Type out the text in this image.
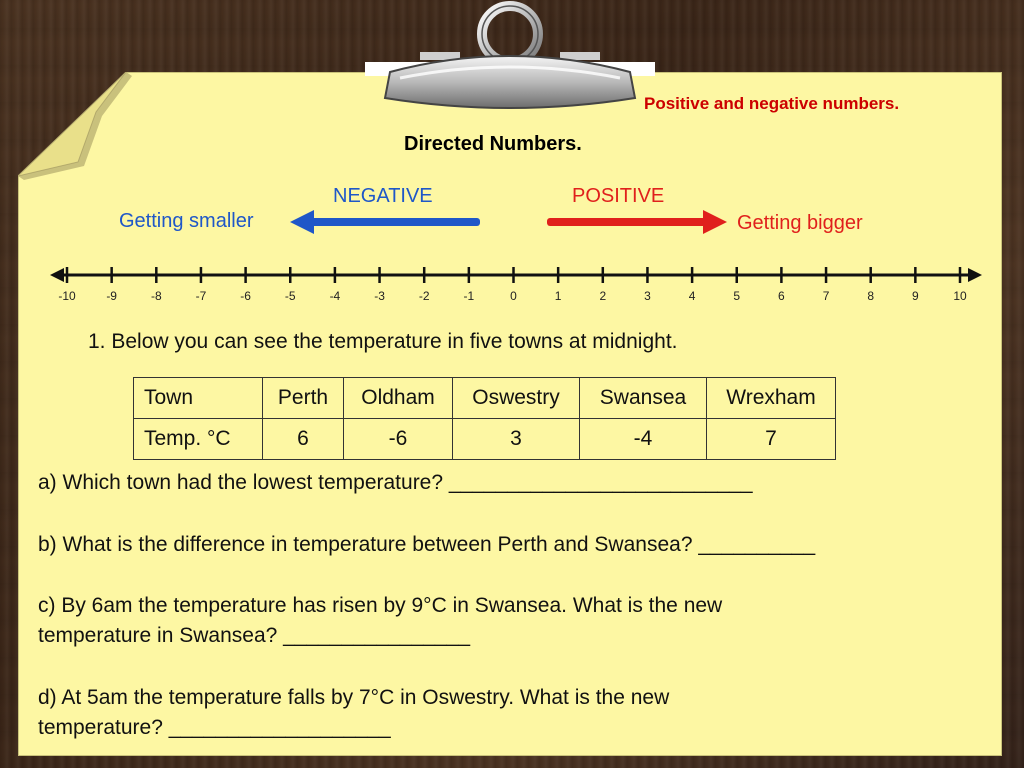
Positive and negative numbers.
Directed Numbers.
NEGATIVE
Getting smaller
POSITIVE
Getting bigger
-10	-9	-8	-7	-6	-5	-4	-3	-2	-1	0	1	2	3	4	5	6	7	8	9	10
1. Below you can see the temperature in five towns at midnight.
Town	Perth	Oldham	Oswestry	Swansea	Wrexham
Temp. °C	6	-6	3	-4	7
a) Which town had the lowest temperature? __________________________
b) What is the difference in temperature between Perth and Swansea? __________
c) By 6am the temperature has risen by 9°C in Swansea. What is the new
temperature in Swansea? ________________
d) At 5am the temperature falls by 7°C in Oswestry. What is the new
temperature? ___________________
